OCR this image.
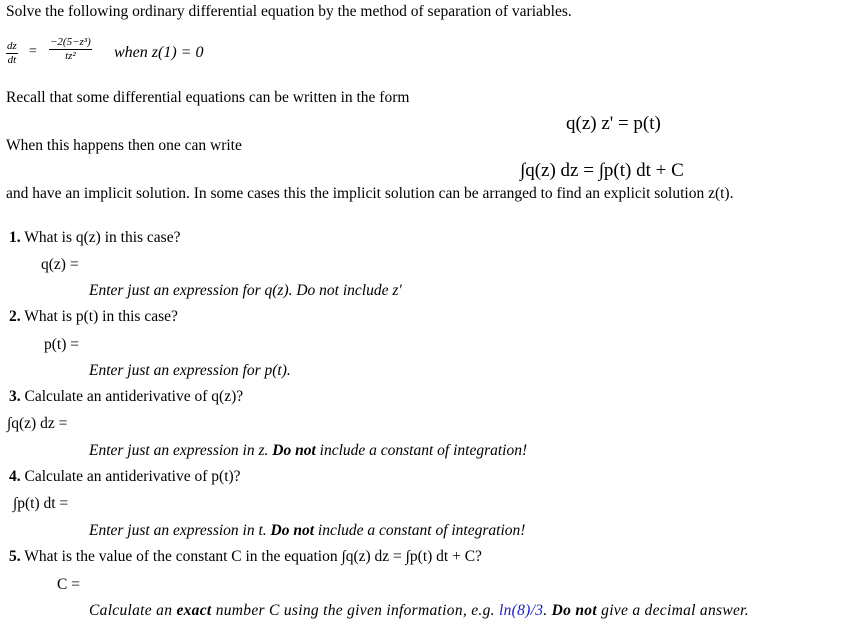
Solve the following ordinary differential equation by the method of separation of variables.
$\frac{dz}{dt} = \frac{\text{−2(5−z³)}}{\text{tz²}}$ when z(1) = 0
Recall that some differential equations can be written in the form
q(z) z' = p(t)
When this happens then one can write
∫q(z) dz = ∫p(t) dt + C
and have an implicit solution. In some cases this the implicit solution can be arranged to find an explicit solution z(t).
1. What is q(z) in this case?
q(z) =
Enter just an expression for q(z). Do not include z'
2. What is p(t) in this case?
p(t) =
Enter just an expression for p(t).
3. Calculate an antiderivative of q(z)?
∫q(z) dz =
Enter just an expression in z. Do not include a constant of integration!
4. Calculate an antiderivative of p(t)?
∫p(t) dt =
Enter just an expression in t. Do not include a constant of integration!
5. What is the value of the constant C in the equation ∫q(z) dz = ∫p(t) dt + C?
C =
Calculate an exact number C using the given information, e.g. ln(8)/3. Do not give a decimal answer.
